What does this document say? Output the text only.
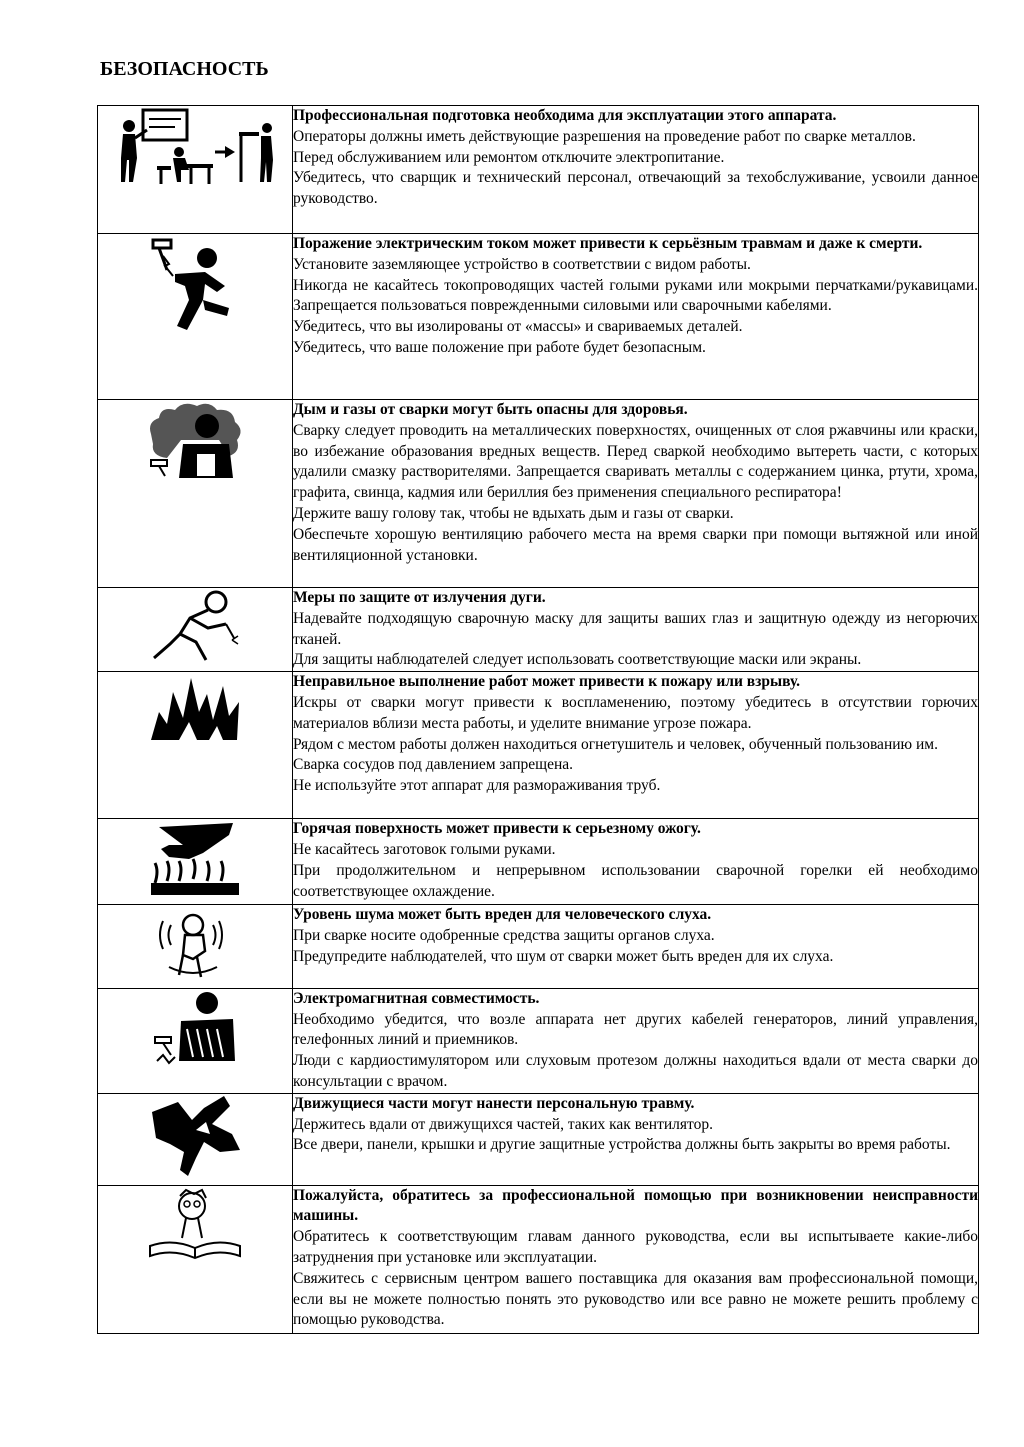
БЕЗОПАСНОСТЬ

Профессиональная подготовка необходима для эксплуатации этого аппарата.
Операторы должны иметь действующие разрешения на проведение работ по сварке металлов.
Перед обслуживанием или ремонтом отключите электропитание.
Убедитесь, что сварщик и технический персонал, отвечающий за техобслуживание, усвоили данное руководство.

Поражение электрическим током может привести к серьёзным травмам и даже к смерти.
Установите заземляющее устройство в соответствии с видом работы.
Никогда не касайтесь токопроводящих частей голыми руками или мокрыми перчатками/рукавицами. Запрещается пользоваться поврежденными силовыми или сварочными кабелями.
Убедитесь, что вы изолированы от «массы» и свариваемых деталей.
Убедитесь, что ваше положение при работе будет безопасным.

Дым и газы от сварки могут быть опасны для здоровья.
Сварку следует проводить на металлических поверхностях, очищенных от слоя ржавчины или краски, во избежание образования вредных веществ. Перед сваркой необходимо вытереть части, с которых удалили смазку растворителями. Запрещается сваривать металлы с содержанием цинка, ртути, хрома, графита, свинца, кадмия или бериллия без применения специального респиратора!
Держите вашу голову так, чтобы не вдыхать дым и газы от сварки.
Обеспечьте хорошую вентиляцию рабочего места на время сварки при помощи вытяжной или иной вентиляционной установки.

Меры по защите от излучения дуги.
Надевайте подходящую сварочную маску для защиты ваших глаз и защитную одежду из негорючих тканей.
Для защиты наблюдателей следует использовать соответствующие маски или экраны.

Неправильное выполнение работ может привести к пожару или взрыву.
Искры от сварки могут привести к воспламенению, поэтому убедитесь в отсутствии горючих материалов вблизи места работы, и уделите внимание угрозе пожара.
Рядом с местом работы должен находиться огнетушитель и человек, обученный пользованию им.
Сварка сосудов под давлением запрещена.
Не используйте этот аппарат для размораживания труб.

Горячая поверхность может привести к серьезному ожогу.
Не касайтесь заготовок голыми руками.
При продолжительном и непрерывном использовании сварочной горелки ей необходимо соответствующее охлаждение.

Уровень шума может быть вреден для человеческого слуха.
При сварке носите одобренные средства защиты органов слуха.
Предупредите наблюдателей, что шум от сварки может быть вреден для их слуха.

Электромагнитная совместимость.
Необходимо убедится, что возле аппарата нет других кабелей генераторов, линий управления, телефонных линий и приемников.
Люди с кардиостимулятором или слуховым протезом должны находиться вдали от места сварки до консультации с врачом.

Движущиеся части могут нанести персональную травму.
Держитесь вдали от движущихся частей, таких как вентилятор.
Все двери, панели, крышки и другие защитные устройства должны быть закрыты во время работы.

Пожалуйста, обратитесь за профессиональной помощью при возникновении неисправности машины.
Обратитесь к соответствующим главам данного руководства, если вы испытываете какие-либо затруднения при установке или эксплуатации.
Свяжитесь с сервисным центром вашего поставщика для оказания вам профессиональной помощи, если вы не можете полностью понять это руководство или все равно не можете решить проблему с помощью руководства.
